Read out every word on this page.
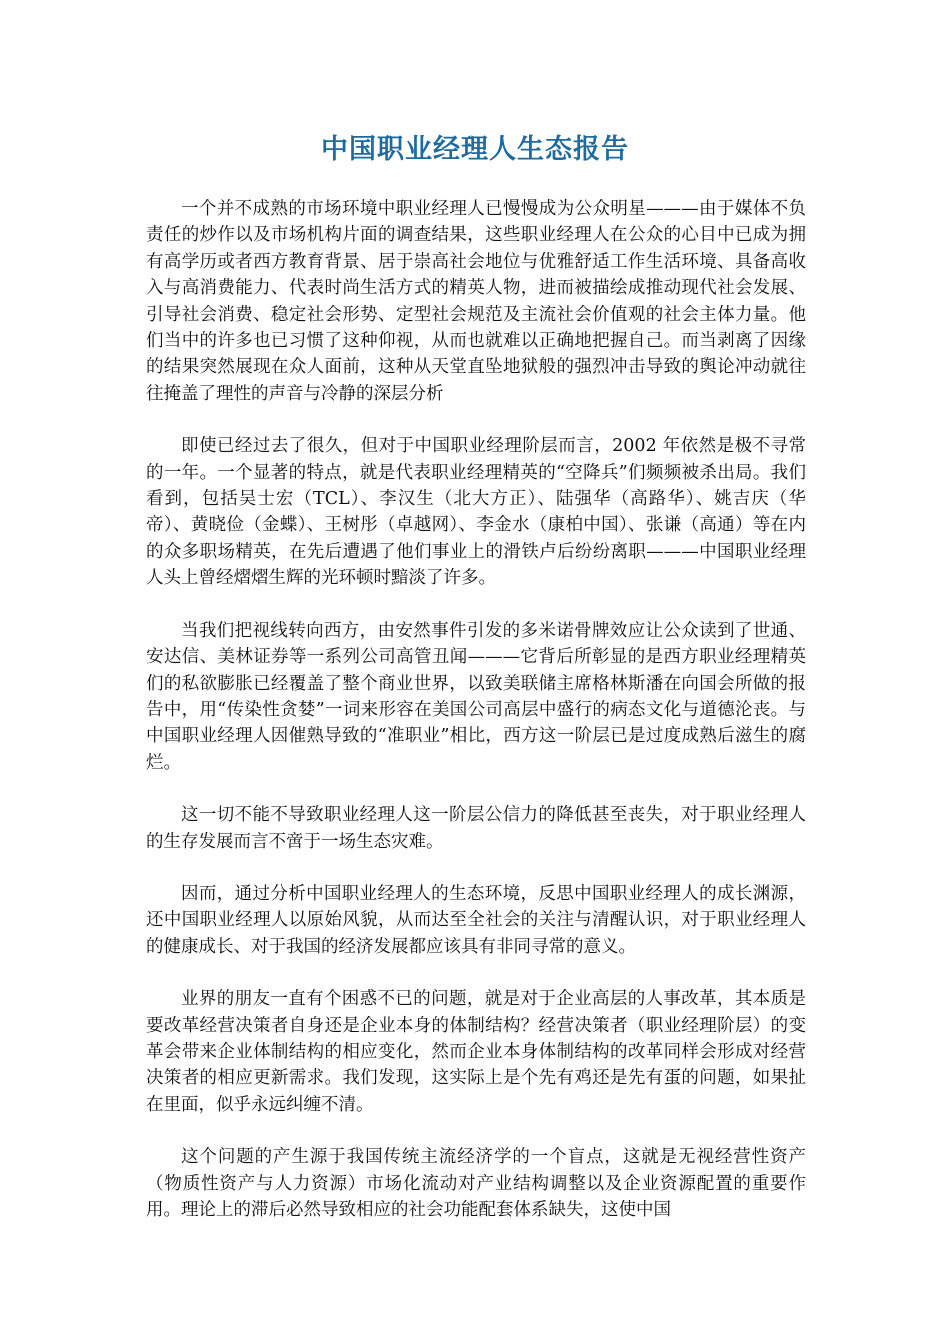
中国职业经理人生态报告

一个并不成熟的市场环境中职业经理人已慢慢成为公众明星———由于媒体不负责任的炒作以及市场机构片面的调查结果，这些职业经理人在公众的心目中已成为拥有高学历或者西方教育背景、居于崇高社会地位与优雅舒适工作生活环境、具备高收入与高消费能力、代表时尚生活方式的精英人物，进而被描绘成推动现代社会发展、引导社会消费、稳定社会形势、定型社会规范及主流社会价值观的社会主体力量。他们当中的许多也已习惯了这种仰视，从而也就难以正确地把握自己。而当剥离了因缘的结果突然展现在众人面前，这种从天堂直坠地狱般的强烈冲击导致的舆论冲动就往往掩盖了理性的声音与冷静的深层分析

即使已经过去了很久，但对于中国职业经理阶层而言，2002 年依然是极不寻常的一年。一个显著的特点，就是代表职业经理精英的“空降兵”们频频被杀出局。我们看到，包括吴士宏（TCL）、李汉生（北大方正）、陆强华（高路华）、姚吉庆（华帝）、黄晓俭（金蝶）、王树彤（卓越网）、李金水（康柏中国）、张谦（高通）等在内的众多职场精英，在先后遭遇了他们事业上的滑铁卢后纷纷离职———中国职业经理人头上曾经熠熠生辉的光环顿时黯淡了许多。

当我们把视线转向西方，由安然事件引发的多米诺骨牌效应让公众读到了世通、安达信、美林证券等一系列公司高管丑闻———它背后所彰显的是西方职业经理精英们的私欲膨胀已经覆盖了整个商业世界，以致美联储主席格林斯潘在向国会所做的报告中，用“传染性贪婪”一词来形容在美国公司高层中盛行的病态文化与道德沦丧。与中国职业经理人因催熟导致的“准职业”相比，西方这一阶层已是过度成熟后滋生的腐烂。

这一切不能不导致职业经理人这一阶层公信力的降低甚至丧失，对于职业经理人的生存发展而言不啻于一场生态灾难。

因而，通过分析中国职业经理人的生态环境，反思中国职业经理人的成长渊源，还中国职业经理人以原始风貌，从而达至全社会的关注与清醒认识，对于职业经理人的健康成长、对于我国的经济发展都应该具有非同寻常的意义。

业界的朋友一直有个困惑不已的问题，就是对于企业高层的人事改革，其本质是要改革经营决策者自身还是企业本身的体制结构？经营决策者（职业经理阶层）的变革会带来企业体制结构的相应变化，然而企业本身体制结构的改革同样会形成对经营决策者的相应更新需求。我们发现，这实际上是个先有鸡还是先有蛋的问题，如果扯在里面，似乎永远纠缠不清。

这个问题的产生源于我国传统主流经济学的一个盲点，这就是无视经营性资产（物质性资产与人力资源）市场化流动对产业结构调整以及企业资源配置的重要作用。理论上的滞后必然导致相应的社会功能配套体系缺失，这使中国
